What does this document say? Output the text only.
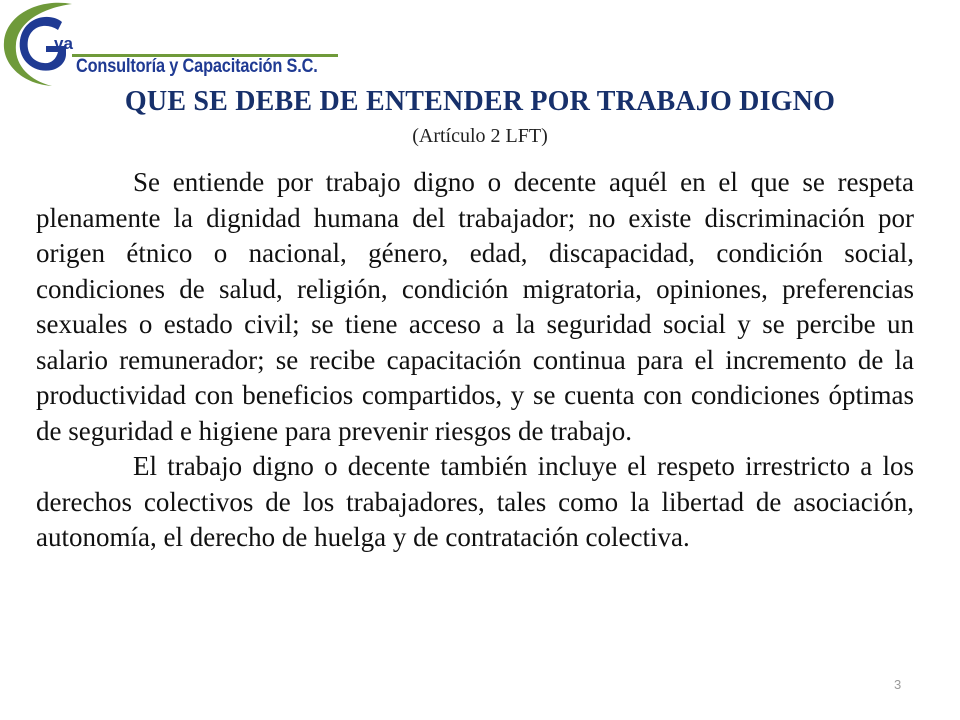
va
Consultoría y Capacitación S.C.
QUE SE DEBE DE ENTENDER POR TRABAJO DIGNO
(Artículo 2 LFT)

Se entiende por trabajo digno o decente aquél en el que se respeta plenamente la dignidad humana del trabajador; no existe discriminación por origen étnico o nacional, género, edad, discapacidad, condición social, condiciones de salud, religión, condición migratoria, opiniones, preferencias sexuales o estado civil; se tiene acceso a la seguridad social y se percibe un salario remunerador; se recibe capacitación continua para el incremento de la productividad con beneficios compartidos, y se cuenta con condiciones óptimas de seguridad e higiene para prevenir riesgos de trabajo.

El trabajo digno o decente también incluye el respeto irrestricto a los derechos colectivos de los trabajadores, tales como la libertad de asociación, autonomía, el derecho de huelga y de contratación colectiva.

3
